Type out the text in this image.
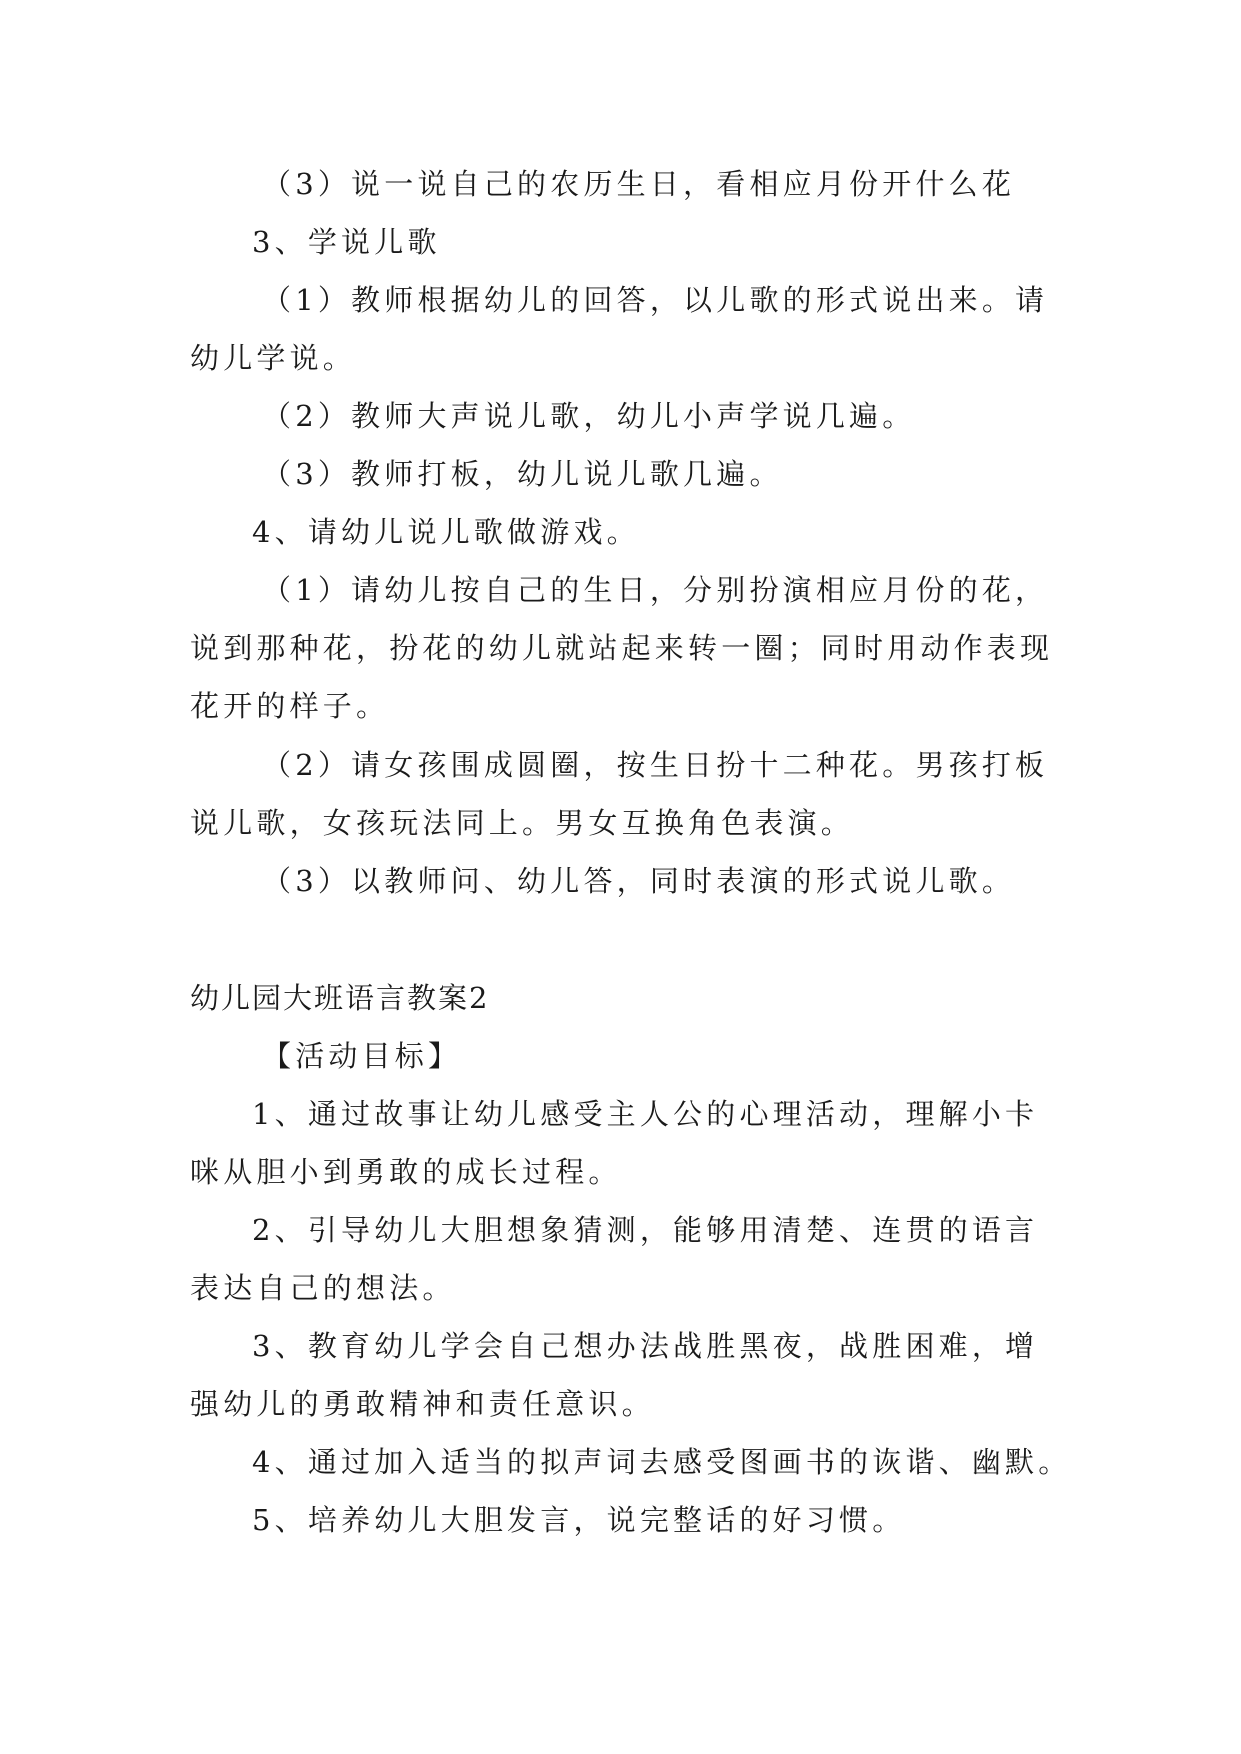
（3）说一说自己的农历生日，看相应月份开什么花

3、学说儿歌

（1）教师根据幼儿的回答，以儿歌的形式说出来。请

幼儿学说。

（2）教师大声说儿歌，幼儿小声学说几遍。

（3）教师打板，幼儿说儿歌几遍。

4、请幼儿说儿歌做游戏。

（1）请幼儿按自己的生日，分别扮演相应月份的花，

说到那种花，扮花的幼儿就站起来转一圈；同时用动作表现

花开的样子。

（2）请女孩围成圆圈，按生日扮十二种花。男孩打板

说儿歌，女孩玩法同上。男女互换角色表演。

（3）以教师问、幼儿答，同时表演的形式说儿歌。

幼儿园大班语言教案2

【活动目标】

1、通过故事让幼儿感受主人公的心理活动，理解小卡

咪从胆小到勇敢的成长过程。

2、引导幼儿大胆想象猜测，能够用清楚、连贯的语言

表达自己的想法。

3、教育幼儿学会自己想办法战胜黑夜，战胜困难，增

强幼儿的勇敢精神和责任意识。

4、通过加入适当的拟声词去感受图画书的诙谐、幽默。

5、培养幼儿大胆发言，说完整话的好习惯。
